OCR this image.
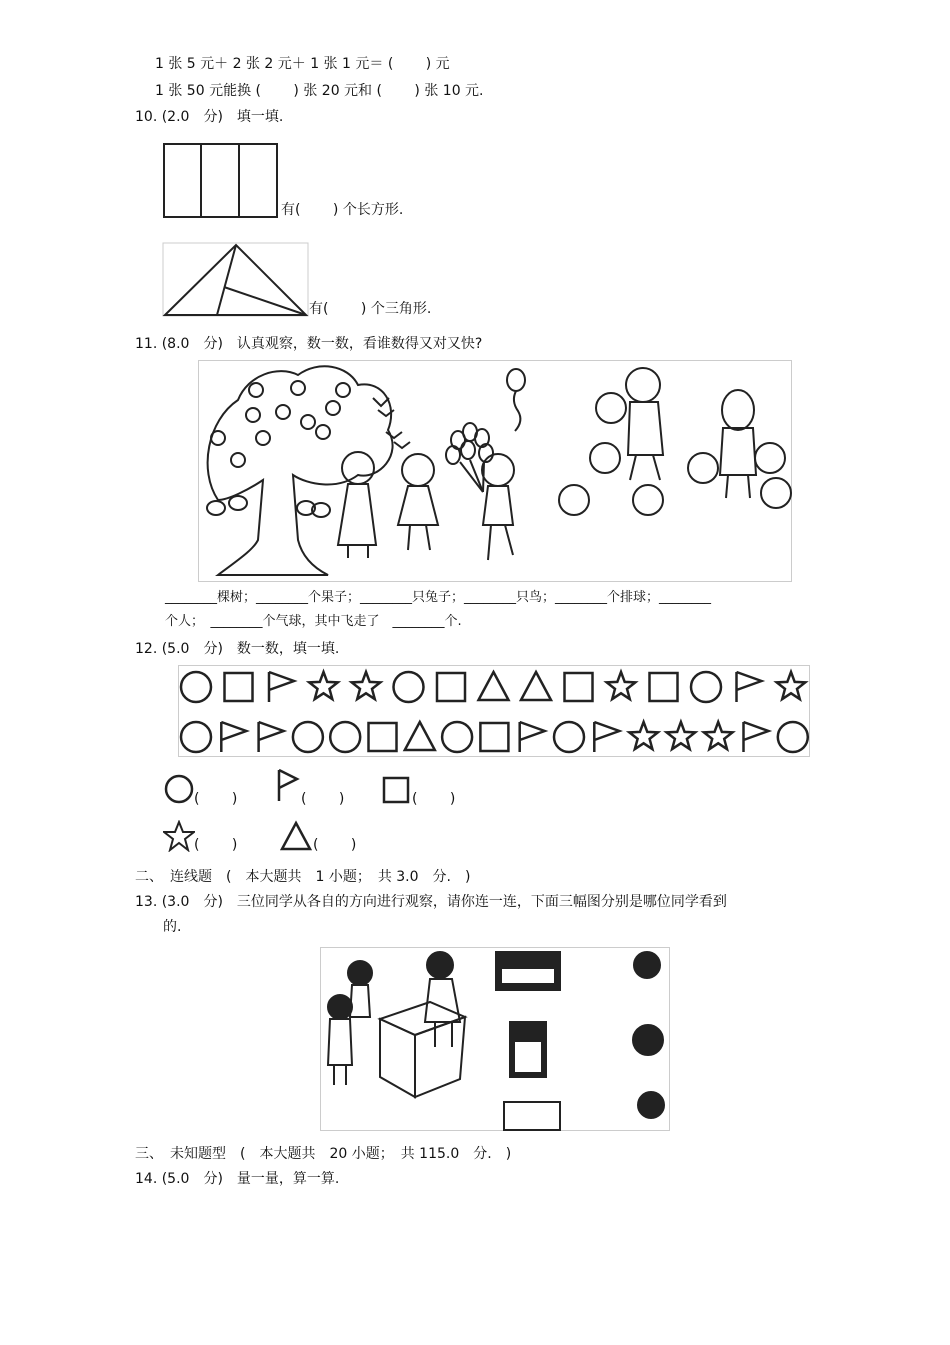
1 张 5 元＋ 2 张 2 元＋ 1 张 1 元＝ (　　 ) 元
1 张 50 元能换 (　　 ) 张 20 元和 (　　 ) 张 10 元.
10. (2.0　分)　填一填.
有(　　 ) 个长方形.
有(　　 ) 个三角形.
11. (8.0　分)　认真观察，数一数，看谁数得又对又快?
________棵树；________个果子；________只兔子；________只鸟；________个排球；________
个人；　________个气球，其中飞走了　________个.
12. (5.0　分)　数一数，填一填.
(　　 )	(　　 )	(　　 )
(　　 )	(　　 )
二、　连线题　(　本大题共　1 小题；　共 3.0　分.　)
13. (3.0　分)　三位同学从各自的方向进行观察，请你连一连，下面三幅图分别是哪位同学看到
的.
三、　未知题型　(　本大题共　20 小题；　共 115.0　分.　)
14. (5.0　分)　量一量，算一算.
